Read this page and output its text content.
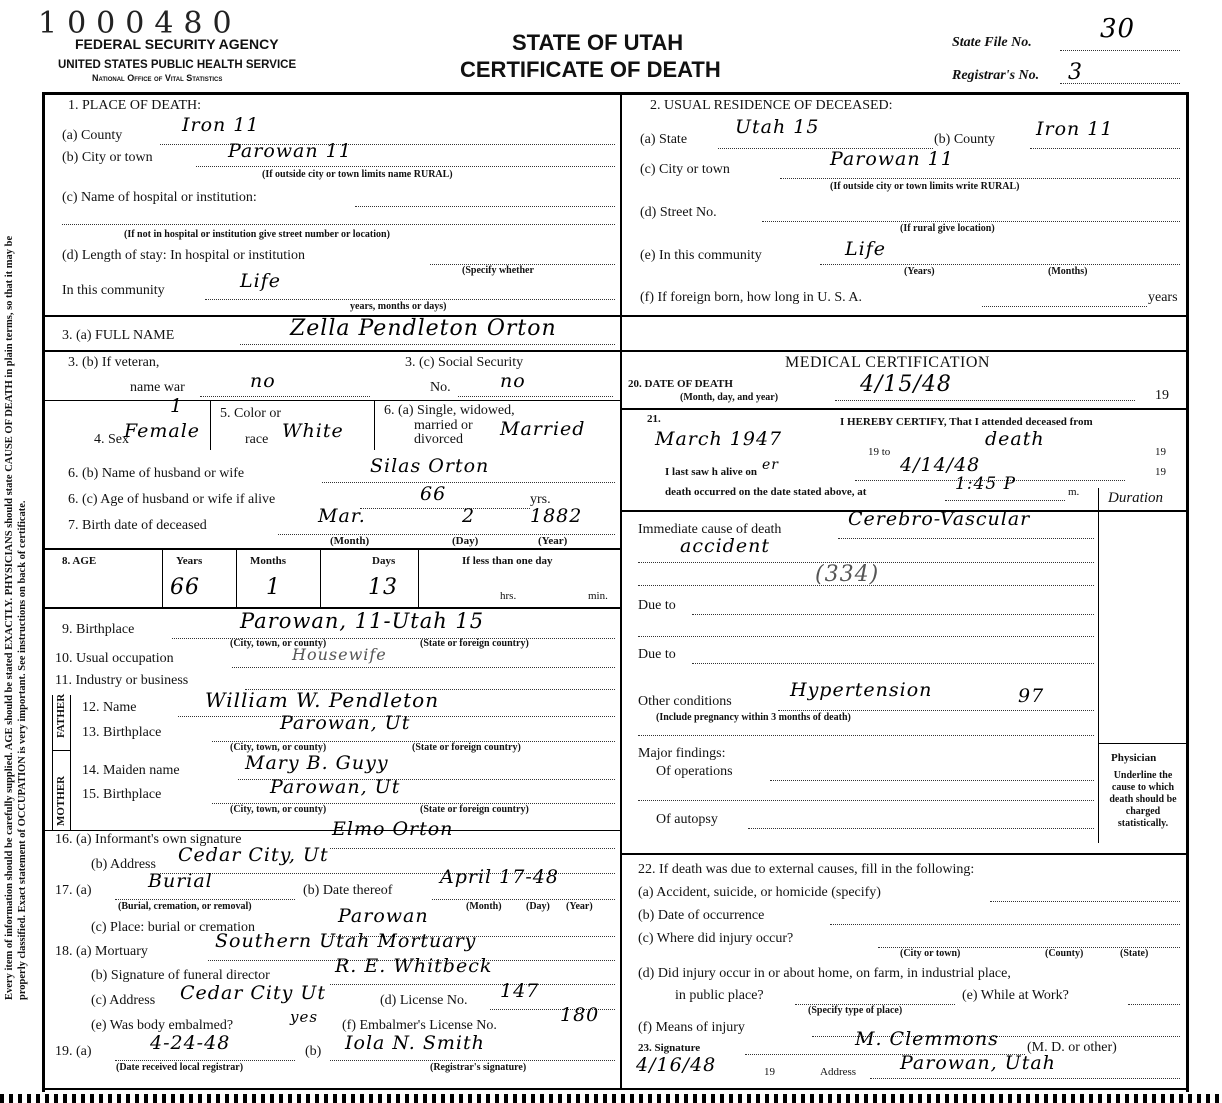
Every item of information should be carefully supplied. AGE should be stated EXACTLY. PHYSICIANS should state CAUSE OF DEATH in plain terms, so that it may be properly classified. Exact statement of OCCUPATION is very important. See instructions on back of certificate.
1000480
FEDERAL SECURITY AGENCY
UNITED STATES PUBLIC HEALTH SERVICE
National Office of Vital Statistics
STATE OF UTAH
CERTIFICATE OF DEATH
State File No.	30
Registrar's No. 3
1. PLACE OF DEATH:
(a) County	Iron 11
(b) City or town	Parowan 11
(If outside city or town limits name RURAL)
(c) Name of hospital or institution:
(If not in hospital or institution give street number or location)
(d) Length of stay: In hospital or institution
(Specify whether
In this community	Life
years, months or days)
3. (a) FULL NAME	Zella Pendleton Orton
3. (b) If veteran,
name war	no
3. (c) Social Security
No.	no
4. Sex
1
Female
5. Color or
race White
6. (a) Single, widowed,
married or
divorced Married
6. (b) Name of husband or wife	Silas Orton
6. (c) Age of husband or wife if alive	66	yrs.
7. Birth date of deceased	Mar.	2	1882
(Month)	(Day)	(Year)
8. AGE	Years	Months	Days	If less than one day
66	1	13	hrs.	min.
9. Birthplace	Parowan, 11-Utah 15
(City, town, or county)	(State or foreign country)
10. Usual occupation	Housewife
11. Industry or business
FATHER
MOTHER
12. Name	William W. Pendleton
13. Birthplace	Parowan, Ut
(City, town, or county)	(State or foreign country)
14. Maiden name	Mary B. Guyy
15. Birthplace	Parowan, Ut
(City, town, or county)	(State or foreign country)
16. (a) Informant's own signature	Elmo Orton
(b) Address Cedar City, Ut
17. (a)	Burial
(Burial, cremation, or removal)
(b) Date thereof
April 17-48
(Month) (Day) (Year)
(c) Place: burial or cremation
Parowan
18. (a) Mortuary	Southern Utah Mortuary
(b) Signature of funeral director	R. E. Whitbeck
(c) Address Cedar City Ut	(d) License No. 147
(e) Was body embalmed?	yes (f) Embalmer's License No.	180
19. (a)	4-24-48
(Date received local registrar)
(b) Iola N. Smith
(Registrar's signature)
2. USUAL RESIDENCE OF DECEASED:
(a) State
Utah 15
(b) County Iron 11
(c) City or town	Parowan 11
(If outside city or town limits write RURAL)
(d) Street No.
(If rural give location)
(e) In this community	Life
(Years)	(Months)
(f) If foreign born, how long in U. S. A.	years
MEDICAL CERTIFICATION
20. DATE OF DEATH
(Month, day, and year)
4/15/48	19
21.	I HEREBY CERTIFY, That I attended deceased from
March 1947
19 to
death
19
I last saw h alive on er	4/14/48	19
death occurred on the date stated above, at	1:45 P	m. Duration
Immediate cause of death	Cerebro-Vascular
accident
(334)
Due to
Due to
Other conditions
Hypertension	97
(Include pregnancy within 3 months of death)
Major findings:
Of operations
Of autopsy
Physician
Underline the cause to which death should be charged statistically.
22. If death was due to external causes, fill in the following:
(a) Accident, suicide, or homicide (specify)
(b) Date of occurrence
(c) Where did injury occur?
(City or town)	(County)	(State)
(d) Did injury occur in or about home, on farm, in industrial place,
in public place?
(Specify type of place)
(e) While at Work?
(f) Means of injury
23. Signature	M. Clemmons (M. D. or other)
4/16/48	19	Address Parowan, Utah
